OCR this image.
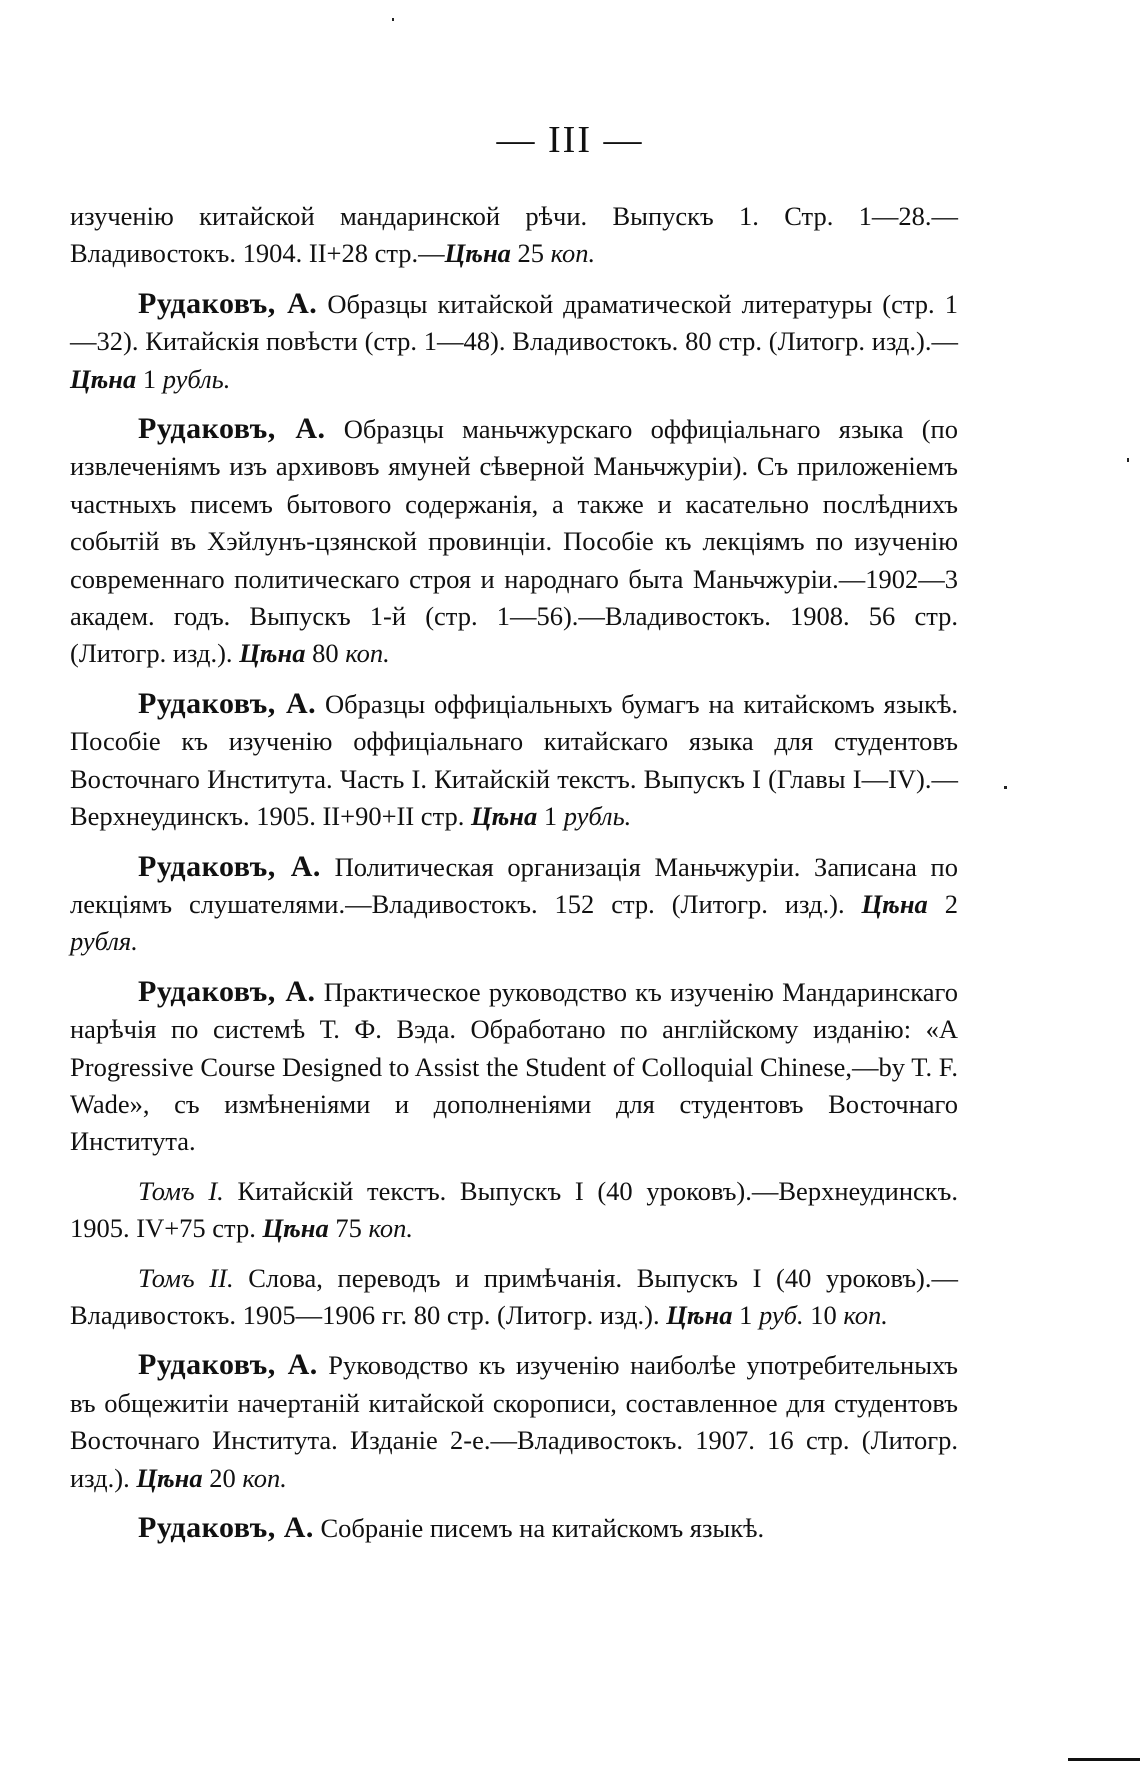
— III —

изученію китайской мандаринской рѣчи. Выпускъ 1. Стр. 1—28.—Владивостокъ. 1904. II+28 стр.—Цѣна 25 коп.

Рудаковъ, А. Образцы китайской драматической литературы (стр. 1—32). Китайскія повѣсти (стр. 1—48). Владивостокъ. 80 стр. (Литогр. изд.).—Цѣна 1 рубль.

Рудаковъ, А. Образцы маньчжурскаго оффиціальнаго языка (по извлеченіямъ изъ архивовъ ямуней сѣверной Маньчжуріи). Съ приложеніемъ частныхъ писемъ бытового содержанія, а также и касательно послѣднихъ событій въ Хэйлунъ-цзянской провинціи. Пособіе къ лекціямъ по изученію современнаго политическаго строя и народнаго быта Маньчжуріи.—1902—3 академ. годъ. Выпускъ 1-й (стр. 1—56).—Владивостокъ. 1908. 56 стр. (Литогр. изд.). Цѣна 80 коп.

Рудаковъ, А. Образцы оффиціальныхъ бумагъ на китайскомъ языкѣ. Пособіе къ изученію оффиціальнаго китайскаго языка для студентовъ Восточнаго Института. Часть I. Китайскій текстъ. Выпускъ I (Главы I—IV).—Верхнеудинскъ. 1905. II+90+II стр. Цѣна 1 рубль.

Рудаковъ, А. Политическая организація Маньчжуріи. Записана по лекціямъ слушателями.—Владивостокъ. 152 стр. (Литогр. изд.). Цѣна 2 рубля.

Рудаковъ, А. Практическое руководство къ изученію Мандаринскаго нарѣчія по системѣ Т. Ф. Вэда. Обработано по англійскому изданію: «A Progressive Course Designed to Assist the Student of Colloquial Chinese,—by T. F. Wade», съ измѣненіями и дополненіями для студентовъ Восточнаго Института.

Томъ I. Китайскій текстъ. Выпускъ I (40 уроковъ).—Верхнеудинскъ. 1905. IV+75 стр. Цѣна 75 коп.

Томъ II. Слова, переводъ и примѣчанія. Выпускъ I (40 уроковъ).—Владивостокъ. 1905—1906 гг. 80 стр. (Литогр. изд.). Цѣна 1 руб. 10 коп.

Рудаковъ, А. Руководство къ изученію наиболѣе употребительныхъ въ общежитіи начертаній китайской скорописи, составленное для студентовъ Восточнаго Института. Изданіе 2-е.—Владивостокъ. 1907. 16 стр. (Литогр. изд.). Цѣна 20 коп.

Рудаковъ, А. Собраніе писемъ на китайскомъ языкѣ.
